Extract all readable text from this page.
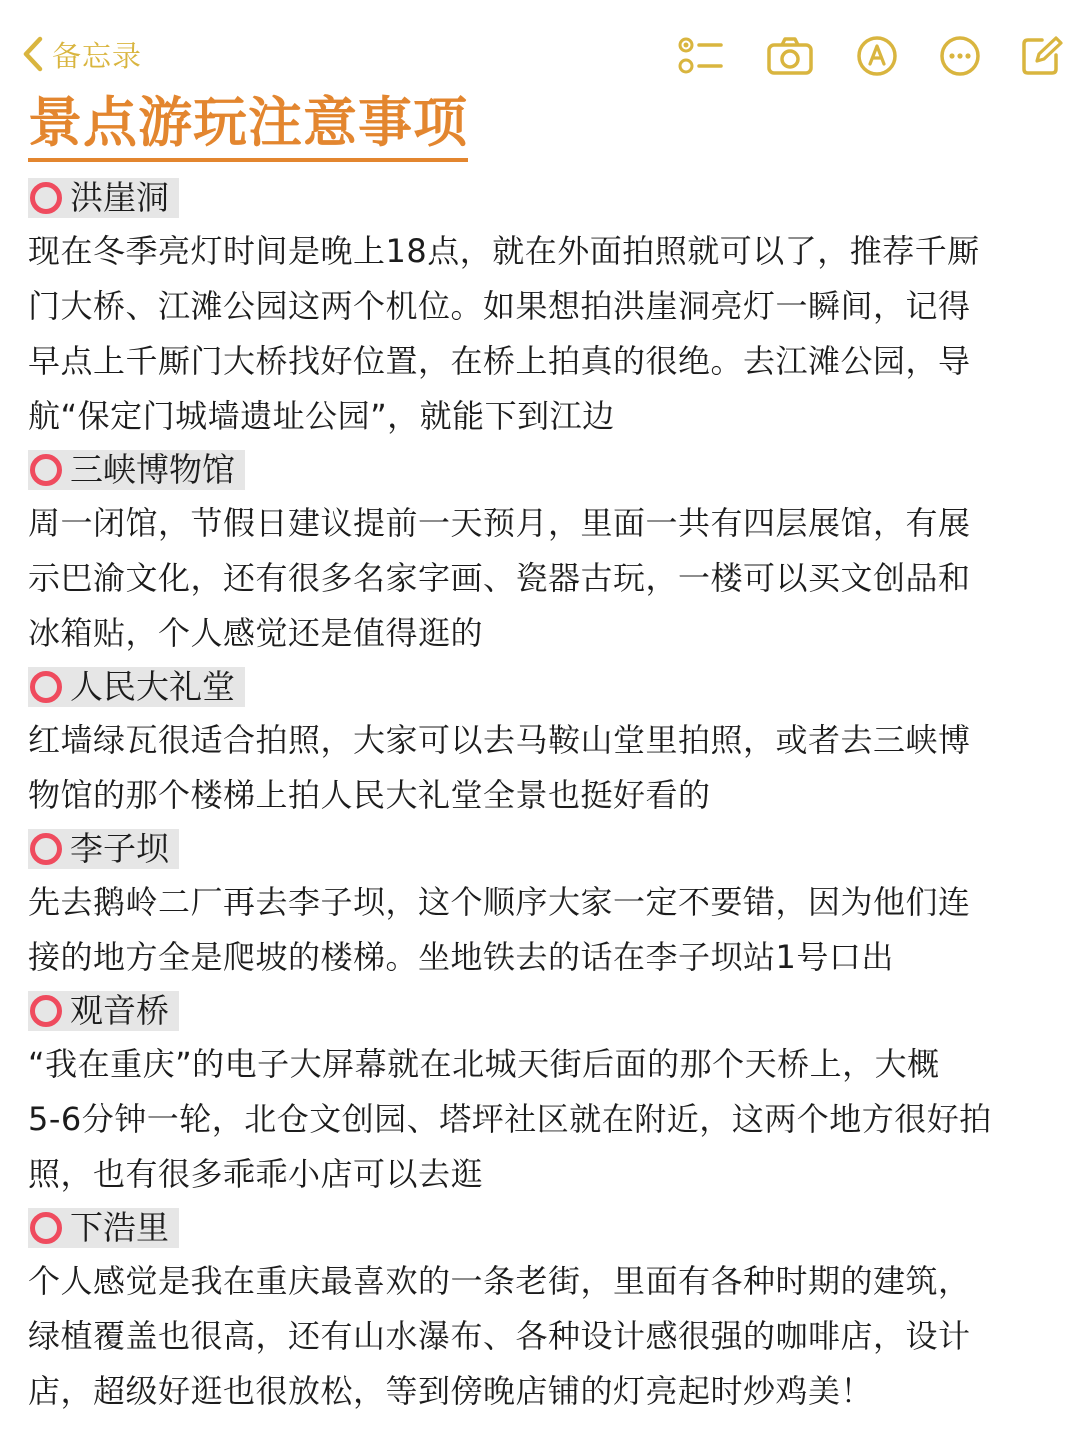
备忘录
景点游玩注意事项
洪崖洞
现在冬季亮灯时间是晚上18点，就在外面拍照就可以了，推荐千厮
门大桥、江滩公园这两个机位。如果想拍洪崖洞亮灯一瞬间，记得
早点上千厮门大桥找好位置，在桥上拍真的很绝。去江滩公园，导
航“保定门城墙遗址公园”，就能下到江边
三峡博物馆
周一闭馆，节假日建议提前一天预月，里面一共有四层展馆，有展
示巴渝文化，还有很多名家字画、瓷器古玩，一楼可以买文创品和
冰箱贴，个人感觉还是值得逛的
人民大礼堂
红墙绿瓦很适合拍照，大家可以去马鞍山堂里拍照，或者去三峡博
物馆的那个楼梯上拍人民大礼堂全景也挺好看的
李子坝
先去鹅岭二厂再去李子坝，这个顺序大家一定不要错，因为他们连
接的地方全是爬坡的楼梯。坐地铁去的话在李子坝站1号口出
观音桥
“我在重庆”的电子大屏幕就在北城天街后面的那个天桥上，大概
5-6分钟一轮，北仓文创园、塔坪社区就在附近，这两个地方很好拍
照，也有很多乖乖小店可以去逛
下浩里
个人感觉是我在重庆最喜欢的一条老街，里面有各种时期的建筑，
绿植覆盖也很高，还有山水瀑布、各种设计感很强的咖啡店，设计
店，超级好逛也很放松，等到傍晚店铺的灯亮起时炒鸡美！
